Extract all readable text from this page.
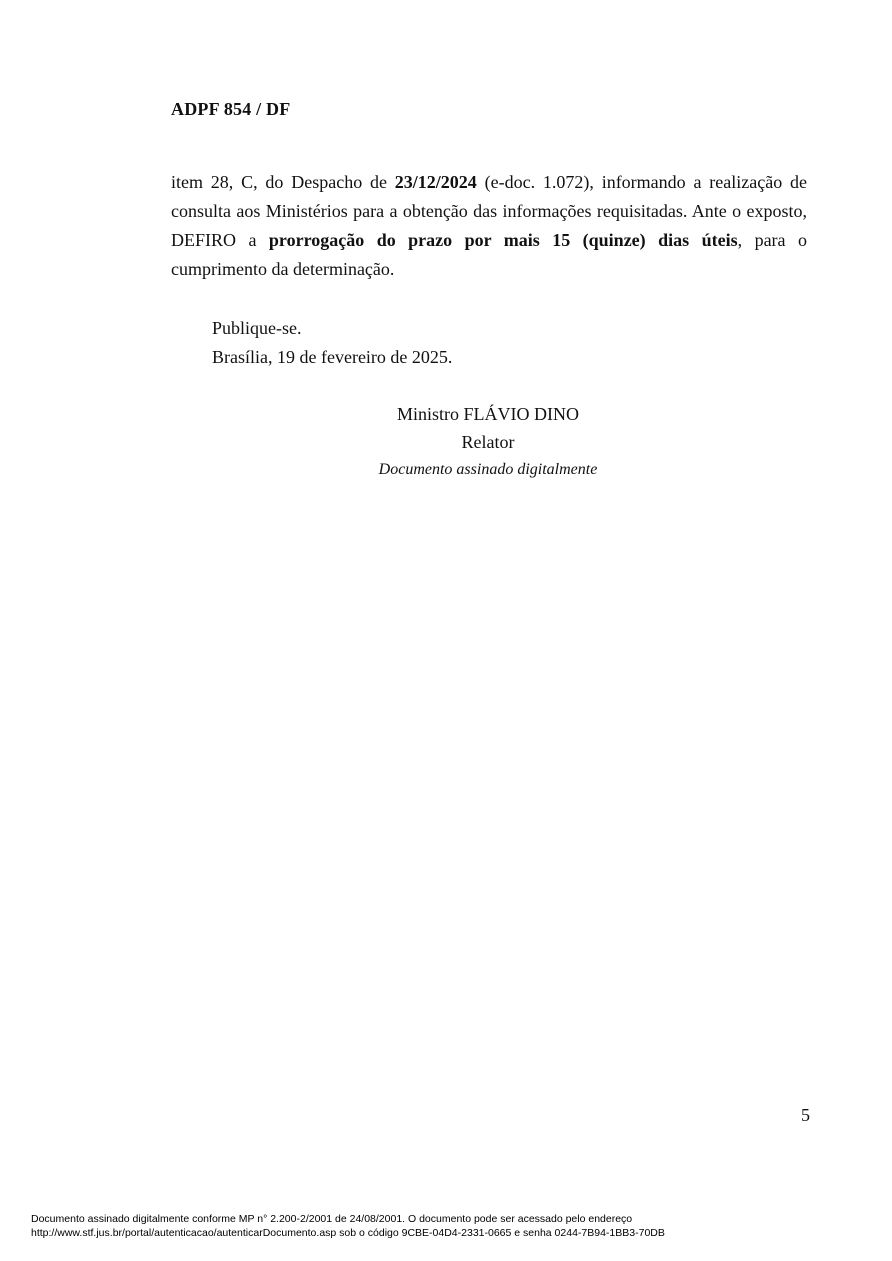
ADPF 854 / DF
item 28, C, do Despacho de 23/12/2024 (e-doc. 1.072), informando a realização de consulta aos Ministérios para a obtenção das informações requisitadas. Ante o exposto, DEFIRO a prorrogação do prazo por mais 15 (quinze) dias úteis, para o cumprimento da determinação.
Publique-se.
Brasília, 19 de fevereiro de 2025.
Ministro FLÁVIO DINO
Relator
Documento assinado digitalmente
5
Documento assinado digitalmente conforme MP n° 2.200-2/2001 de 24/08/2001. O documento pode ser acessado pelo endereço
http://www.stf.jus.br/portal/autenticacao/autenticarDocumento.asp sob o código 9CBE-04D4-2331-0665 e senha 0244-7B94-1BB3-70DB
